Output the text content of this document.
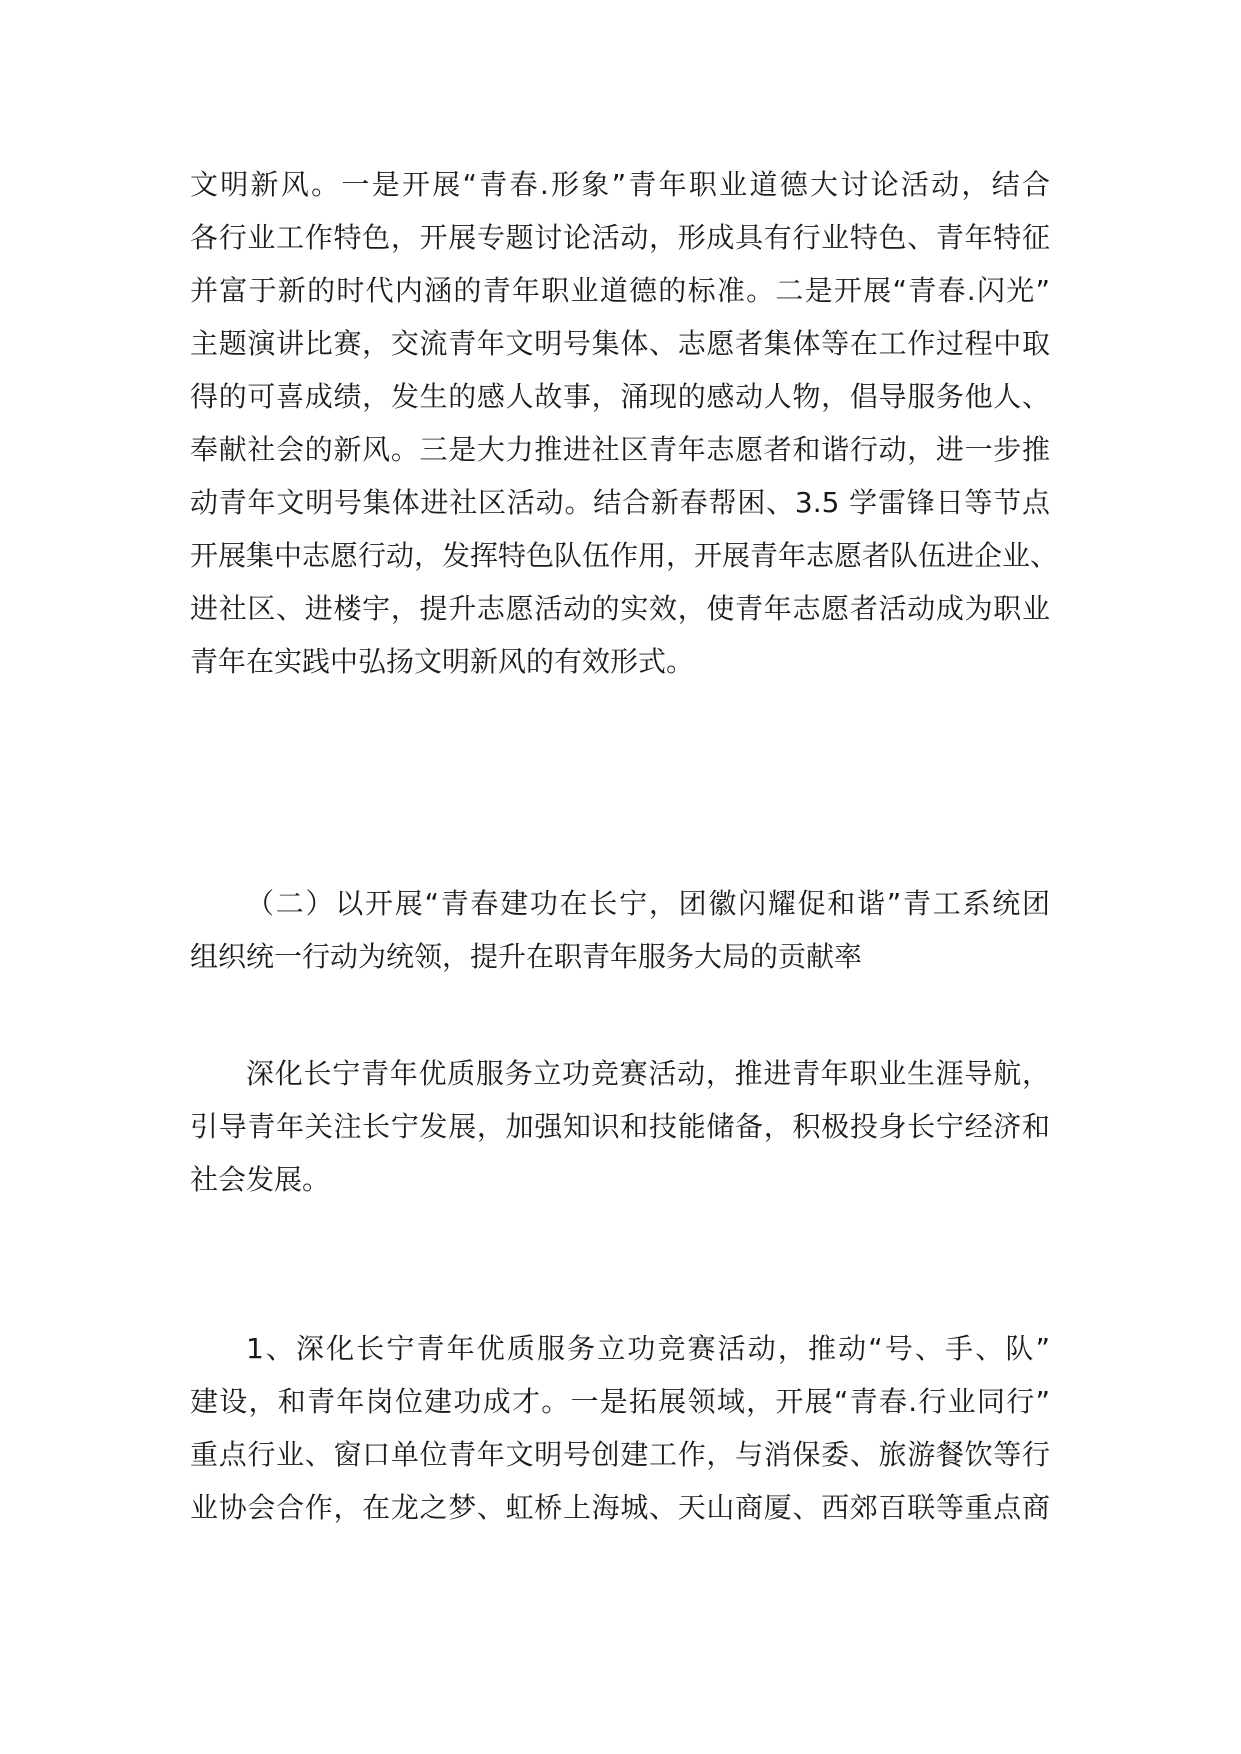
文明新风。一是开展“青春.形象”青年职业道德大讨论活动，结合
各行业工作特色，开展专题讨论活动，形成具有行业特色、青年特征
并富于新的时代内涵的青年职业道德的标准。二是开展“青春.闪光”
主题演讲比赛，交流青年文明号集体、志愿者集体等在工作过程中取
得的可喜成绩，发生的感人故事，涌现的感动人物，倡导服务他人、
奉献社会的新风。三是大力推进社区青年志愿者和谐行动，进一步推
动青年文明号集体进社区活动。结合新春帮困、3.5 学雷锋日等节点
开展集中志愿行动，发挥特色队伍作用，开展青年志愿者队伍进企业、
进社区、进楼宇，提升志愿活动的实效，使青年志愿者活动成为职业
青年在实践中弘扬文明新风的有效形式。
（二）以开展“青春建功在长宁，团徽闪耀促和谐”青工系统团
组织统一行动为统领，提升在职青年服务大局的贡献率
深化长宁青年优质服务立功竞赛活动，推进青年职业生涯导航，
引导青年关注长宁发展，加强知识和技能储备，积极投身长宁经济和
社会发展。
1、深化长宁青年优质服务立功竞赛活动，推动“号、手、队”
建设，和青年岗位建功成才。一是拓展领域，开展“青春.行业同行”
重点行业、窗口单位青年文明号创建工作，与消保委、旅游餐饮等行
业协会合作，在龙之梦、虹桥上海城、天山商厦、西郊百联等重点商
